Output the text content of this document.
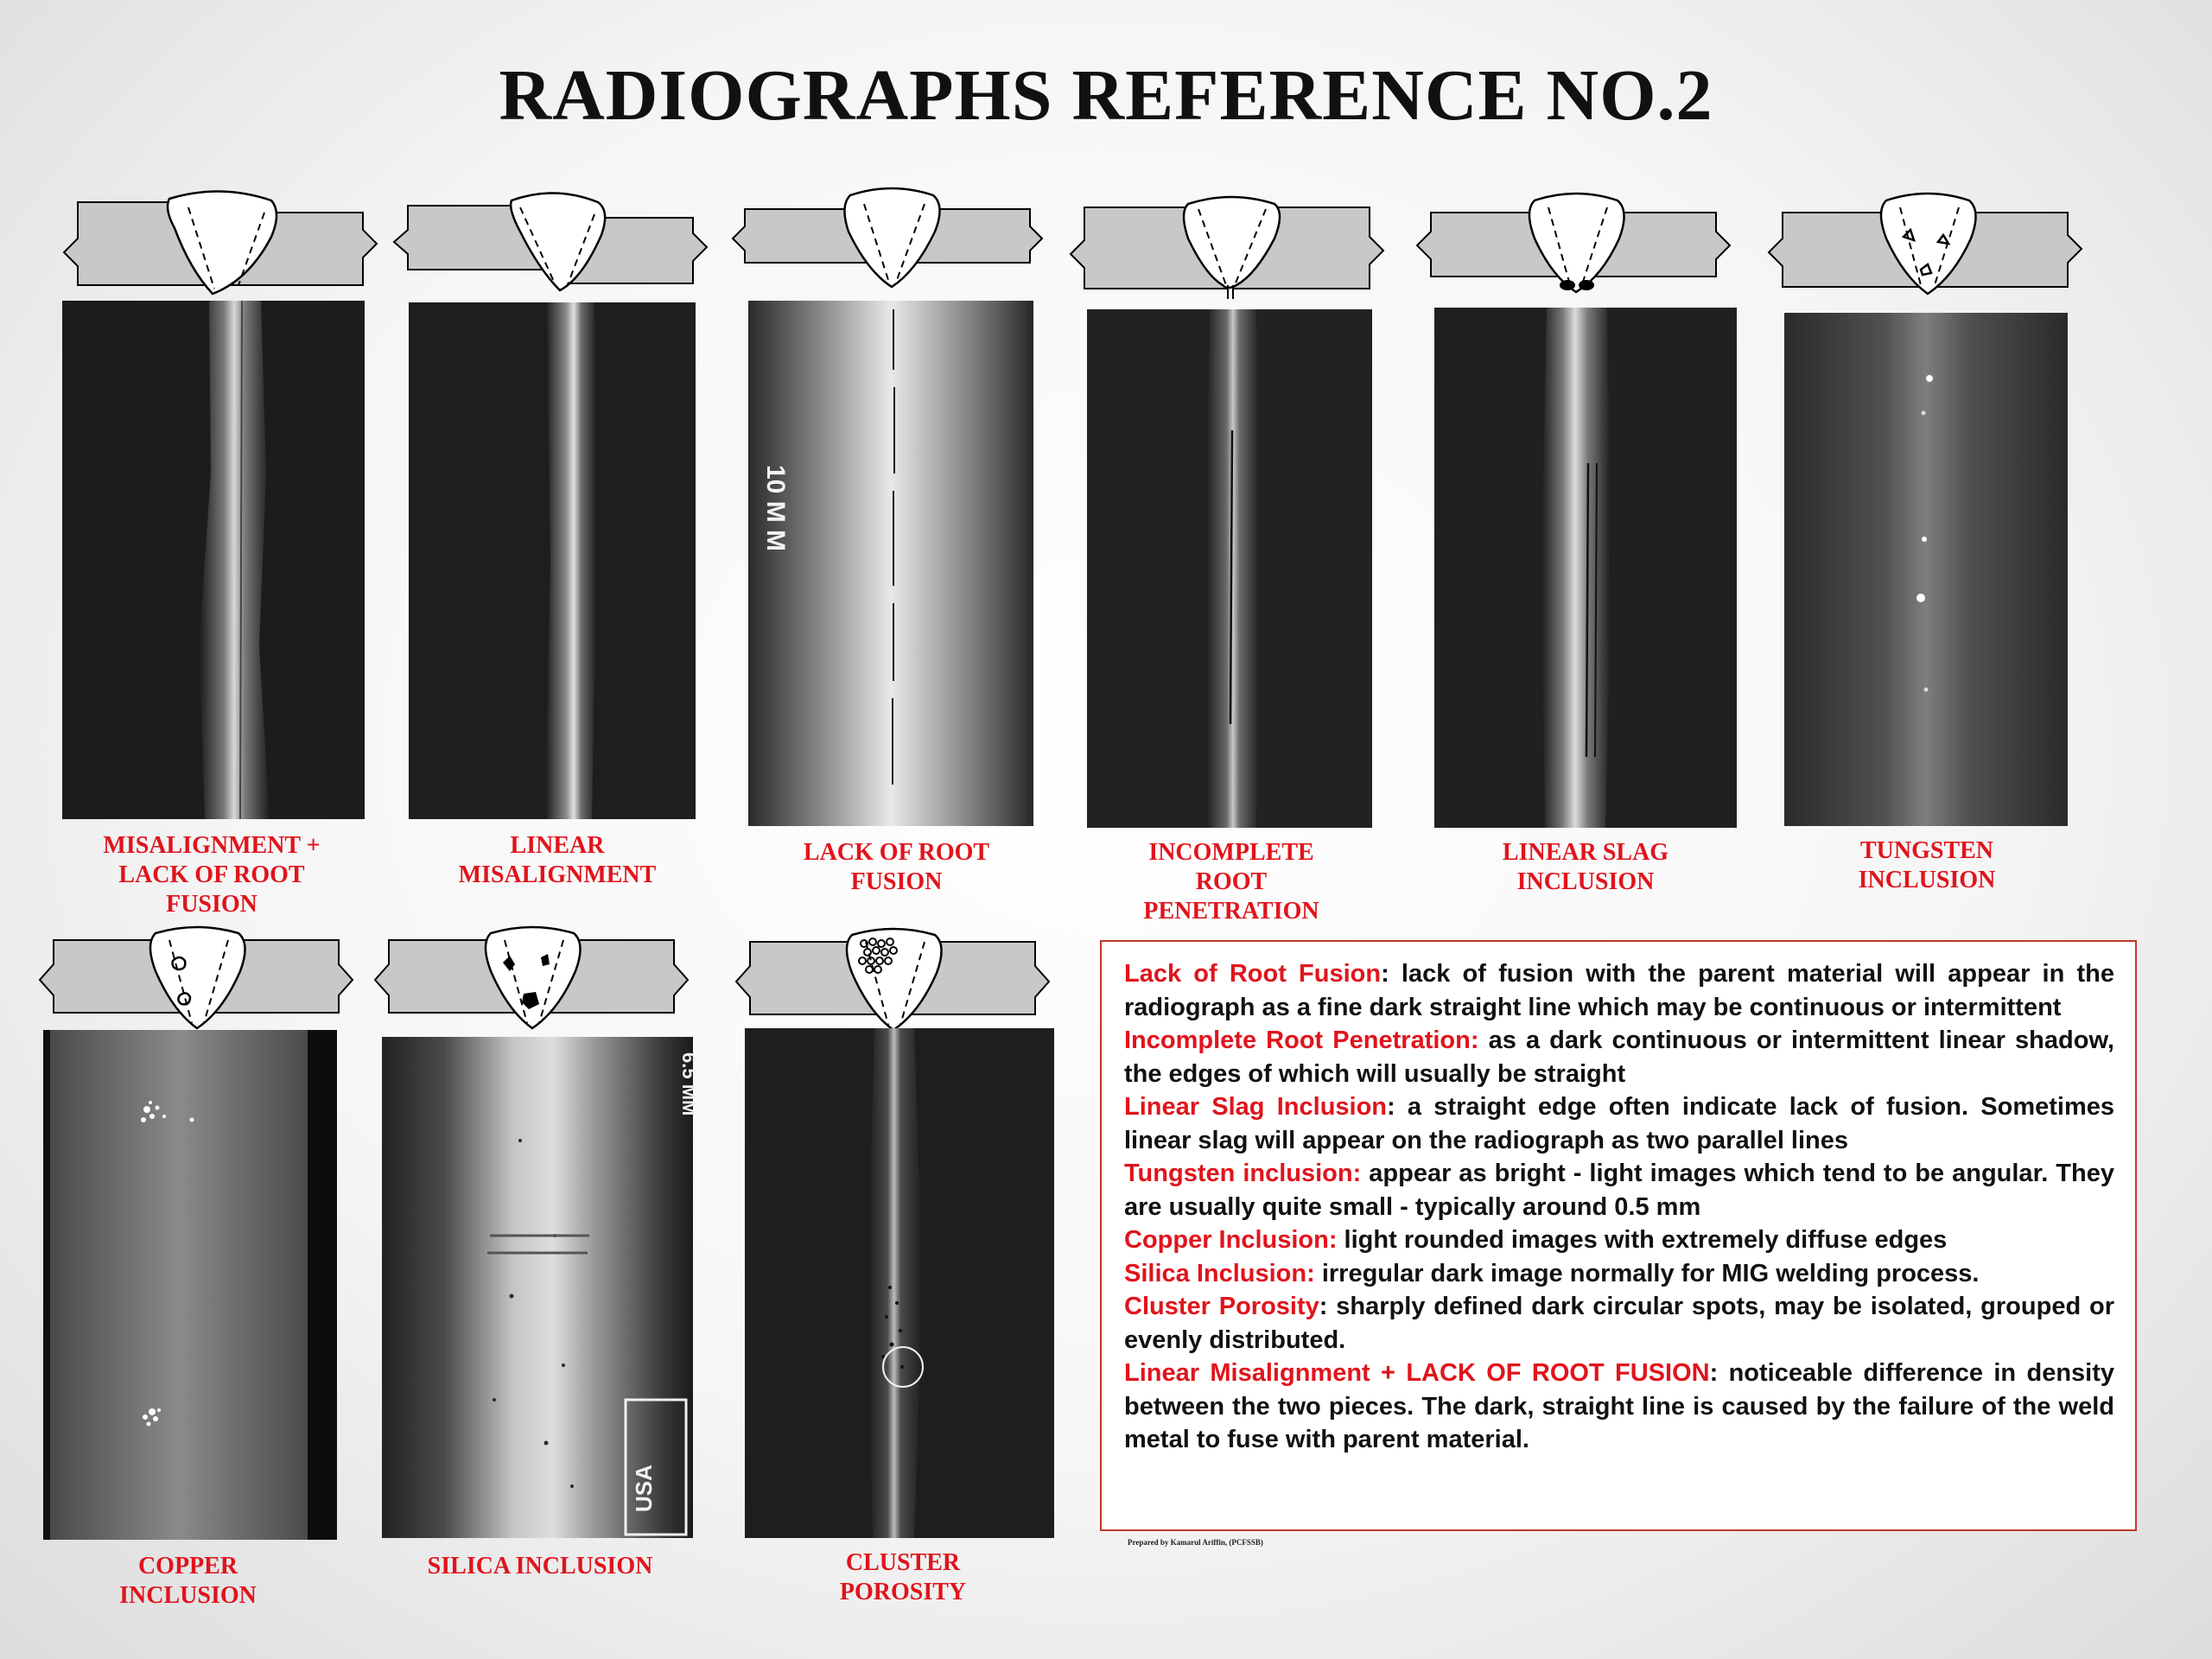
RADIOGRAPHS REFERENCE NO.2
MISALIGNMENT + LACK OF ROOT FUSION
LINEAR MISALIGNMENT
10 M M
LACK OF ROOT FUSION
INCOMPLETE ROOT PENETRATION
LINEAR SLAG INCLUSION
TUNGSTEN INCLUSION
COPPER INCLUSION
6.5 MM
USA
SILICA INCLUSION	CLUSTER POROSITY

Lack of Root Fusion: lack of fusion with the parent material will appear in the radiograph as a fine dark straight line which may be continuous or intermittent

Incomplete Root Penetration: as a dark continuous or intermittent linear shadow, the edges of which will usually be straight

Linear Slag Inclusion: a straight edge often indicate lack of fusion. Sometimes linear slag will appear on the radiograph as two parallel lines

Tungsten inclusion: appear as bright - light images which tend to be angular. They are usually quite small - typically around 0.5 mm

Copper Inclusion: light rounded images with extremely diffuse edges

Silica Inclusion: irregular dark image normally for MIG welding process.

Cluster Porosity: sharply defined dark circular spots, may be isolated, grouped or evenly distributed.

Linear Misalignment + LACK OF ROOT FUSION: noticeable difference in density between the two pieces. The dark, straight line is caused by the failure of the weld metal to fuse with parent material.

Prepared by Kamarul Ariffin, (PCFSSB)
Copyright 2013. KA Original
